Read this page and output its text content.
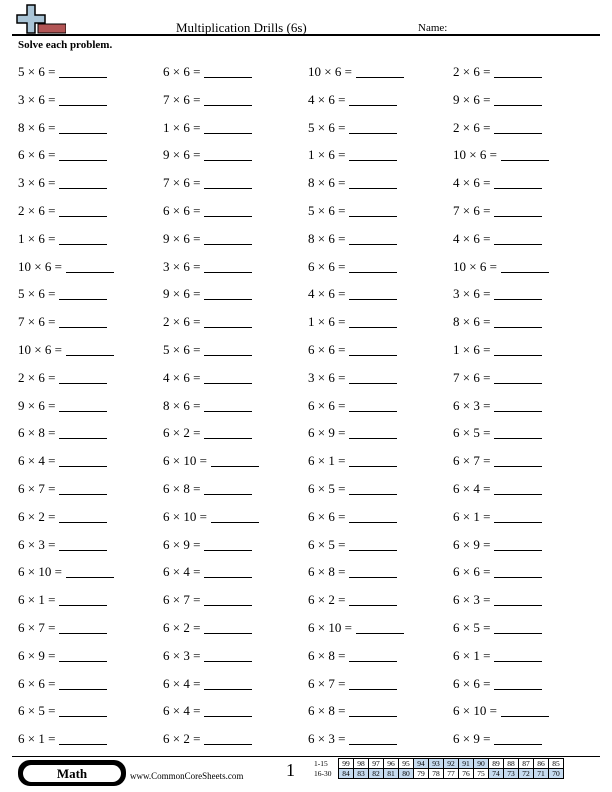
Multiplication Drills (6s)	Name:
Solve each problem.
5 × 6 =	6 × 6 =	10 × 6 =	2 × 6 =
3 × 6 =	7 × 6 =	4 × 6 =	9 × 6 =
8 × 6 =	1 × 6 =	5 × 6 =	2 × 6 =
6 × 6 =	9 × 6 =	1 × 6 =	10 × 6 =
3 × 6 =	7 × 6 =	8 × 6 =	4 × 6 =
2 × 6 =	6 × 6 =	5 × 6 =	7 × 6 =
1 × 6 =	9 × 6 =	8 × 6 =	4 × 6 =
10 × 6 =	3 × 6 =	6 × 6 =	10 × 6 =
5 × 6 =	9 × 6 =	4 × 6 =	3 × 6 =
7 × 6 =	2 × 6 =	1 × 6 =	8 × 6 =
10 × 6 =	5 × 6 =	6 × 6 =	1 × 6 =
2 × 6 =	4 × 6 =	3 × 6 =	7 × 6 =
9 × 6 =	8 × 6 =	6 × 6 =	6 × 3 =
6 × 8 =	6 × 2 =	6 × 9 =	6 × 5 =
6 × 4 =	6 × 10 =	6 × 1 =	6 × 7 =
6 × 7 =	6 × 8 =	6 × 5 =	6 × 4 =
6 × 2 =	6 × 10 =	6 × 6 =	6 × 1 =
6 × 3 =	6 × 9 =	6 × 5 =	6 × 9 =
6 × 10 =	6 × 4 =	6 × 8 =	6 × 6 =
6 × 1 =	6 × 7 =	6 × 2 =	6 × 3 =
6 × 7 =	6 × 2 =	6 × 10 =	6 × 5 =
6 × 9 =	6 × 3 =	6 × 8 =	6 × 1 =
6 × 6 =	6 × 4 =	6 × 7 =	6 × 6 =
6 × 5 =	6 × 4 =	6 × 8 =	6 × 10 =
6 × 1 =	6 × 2 =	6 × 3 =	6 × 9 =
Math	www.CommonCoreSheets.com 1	1-15	99	98	97	96	95	94	93	92	91	90	89	88	87	86	85
16-30	84	83	82	81	80	79	78	77	76	75	74	73	72	71	70
